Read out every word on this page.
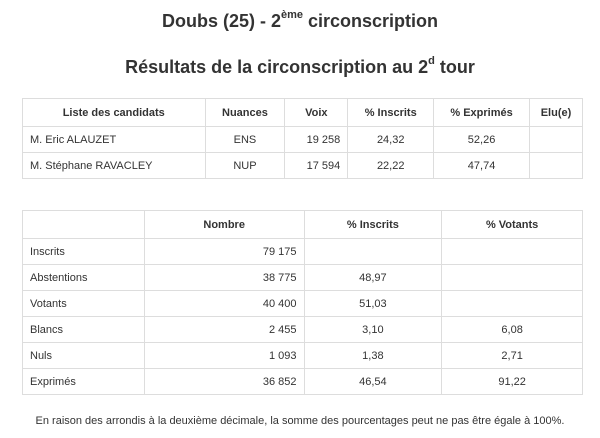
Doubs (25) - 2ème circonscription
Résultats de la circonscription au 2$^d$ tour
Liste des candidats	Nuances	Voix	% Inscrits	% Exprimés	Elu(e)
M. Eric ALAUZET	ENS	19 258	24,32	52,26	
M. Stéphane RAVACLEY	NUP	17 594	22,22	47,74	
	Nombre	% Inscrits	% Votants
Inscrits	79 175		
Abstentions	38 775	48,97	
Votants	40 400	51,03	
Blancs	2 455	3,10	6,08
Nuls	1 093	1,38	2,71
Exprimés	36 852	46,54	91,22
En raison des arrondis à la deuxième décimale, la somme des pourcentages peut ne pas être égale à 100%.
